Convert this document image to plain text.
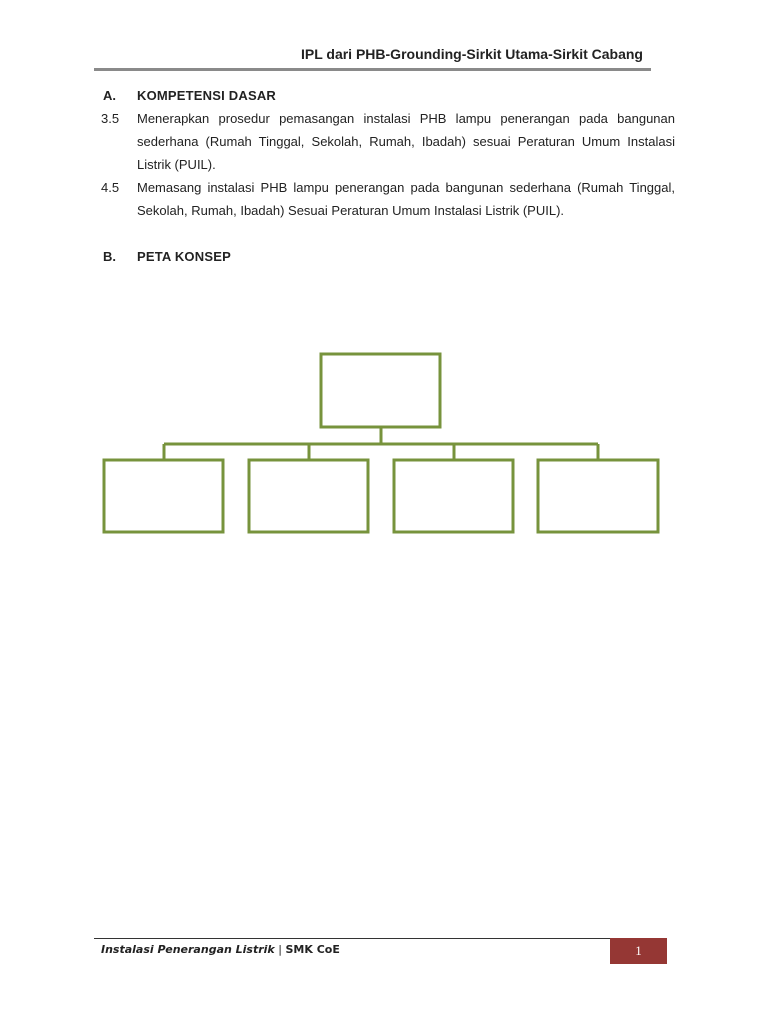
IPL dari PHB-Grounding-Sirkit Utama-Sirkit Cabang
A. KOMPETENSI DASAR
3.5 Menerapkan prosedur pemasangan instalasi PHB lampu penerangan pada bangunan sederhana (Rumah Tinggal, Sekolah, Rumah, Ibadah) sesuai Peraturan Umum Instalasi Listrik (PUIL).
4.5 Memasang instalasi PHB lampu penerangan pada bangunan sederhana (Rumah Tinggal, Sekolah, Rumah, Ibadah) Sesuai Peraturan Umum Instalasi Listrik (PUIL).
B. PETA KONSEP
Instalasi Penerangan Listrik | SMK CoE	1
